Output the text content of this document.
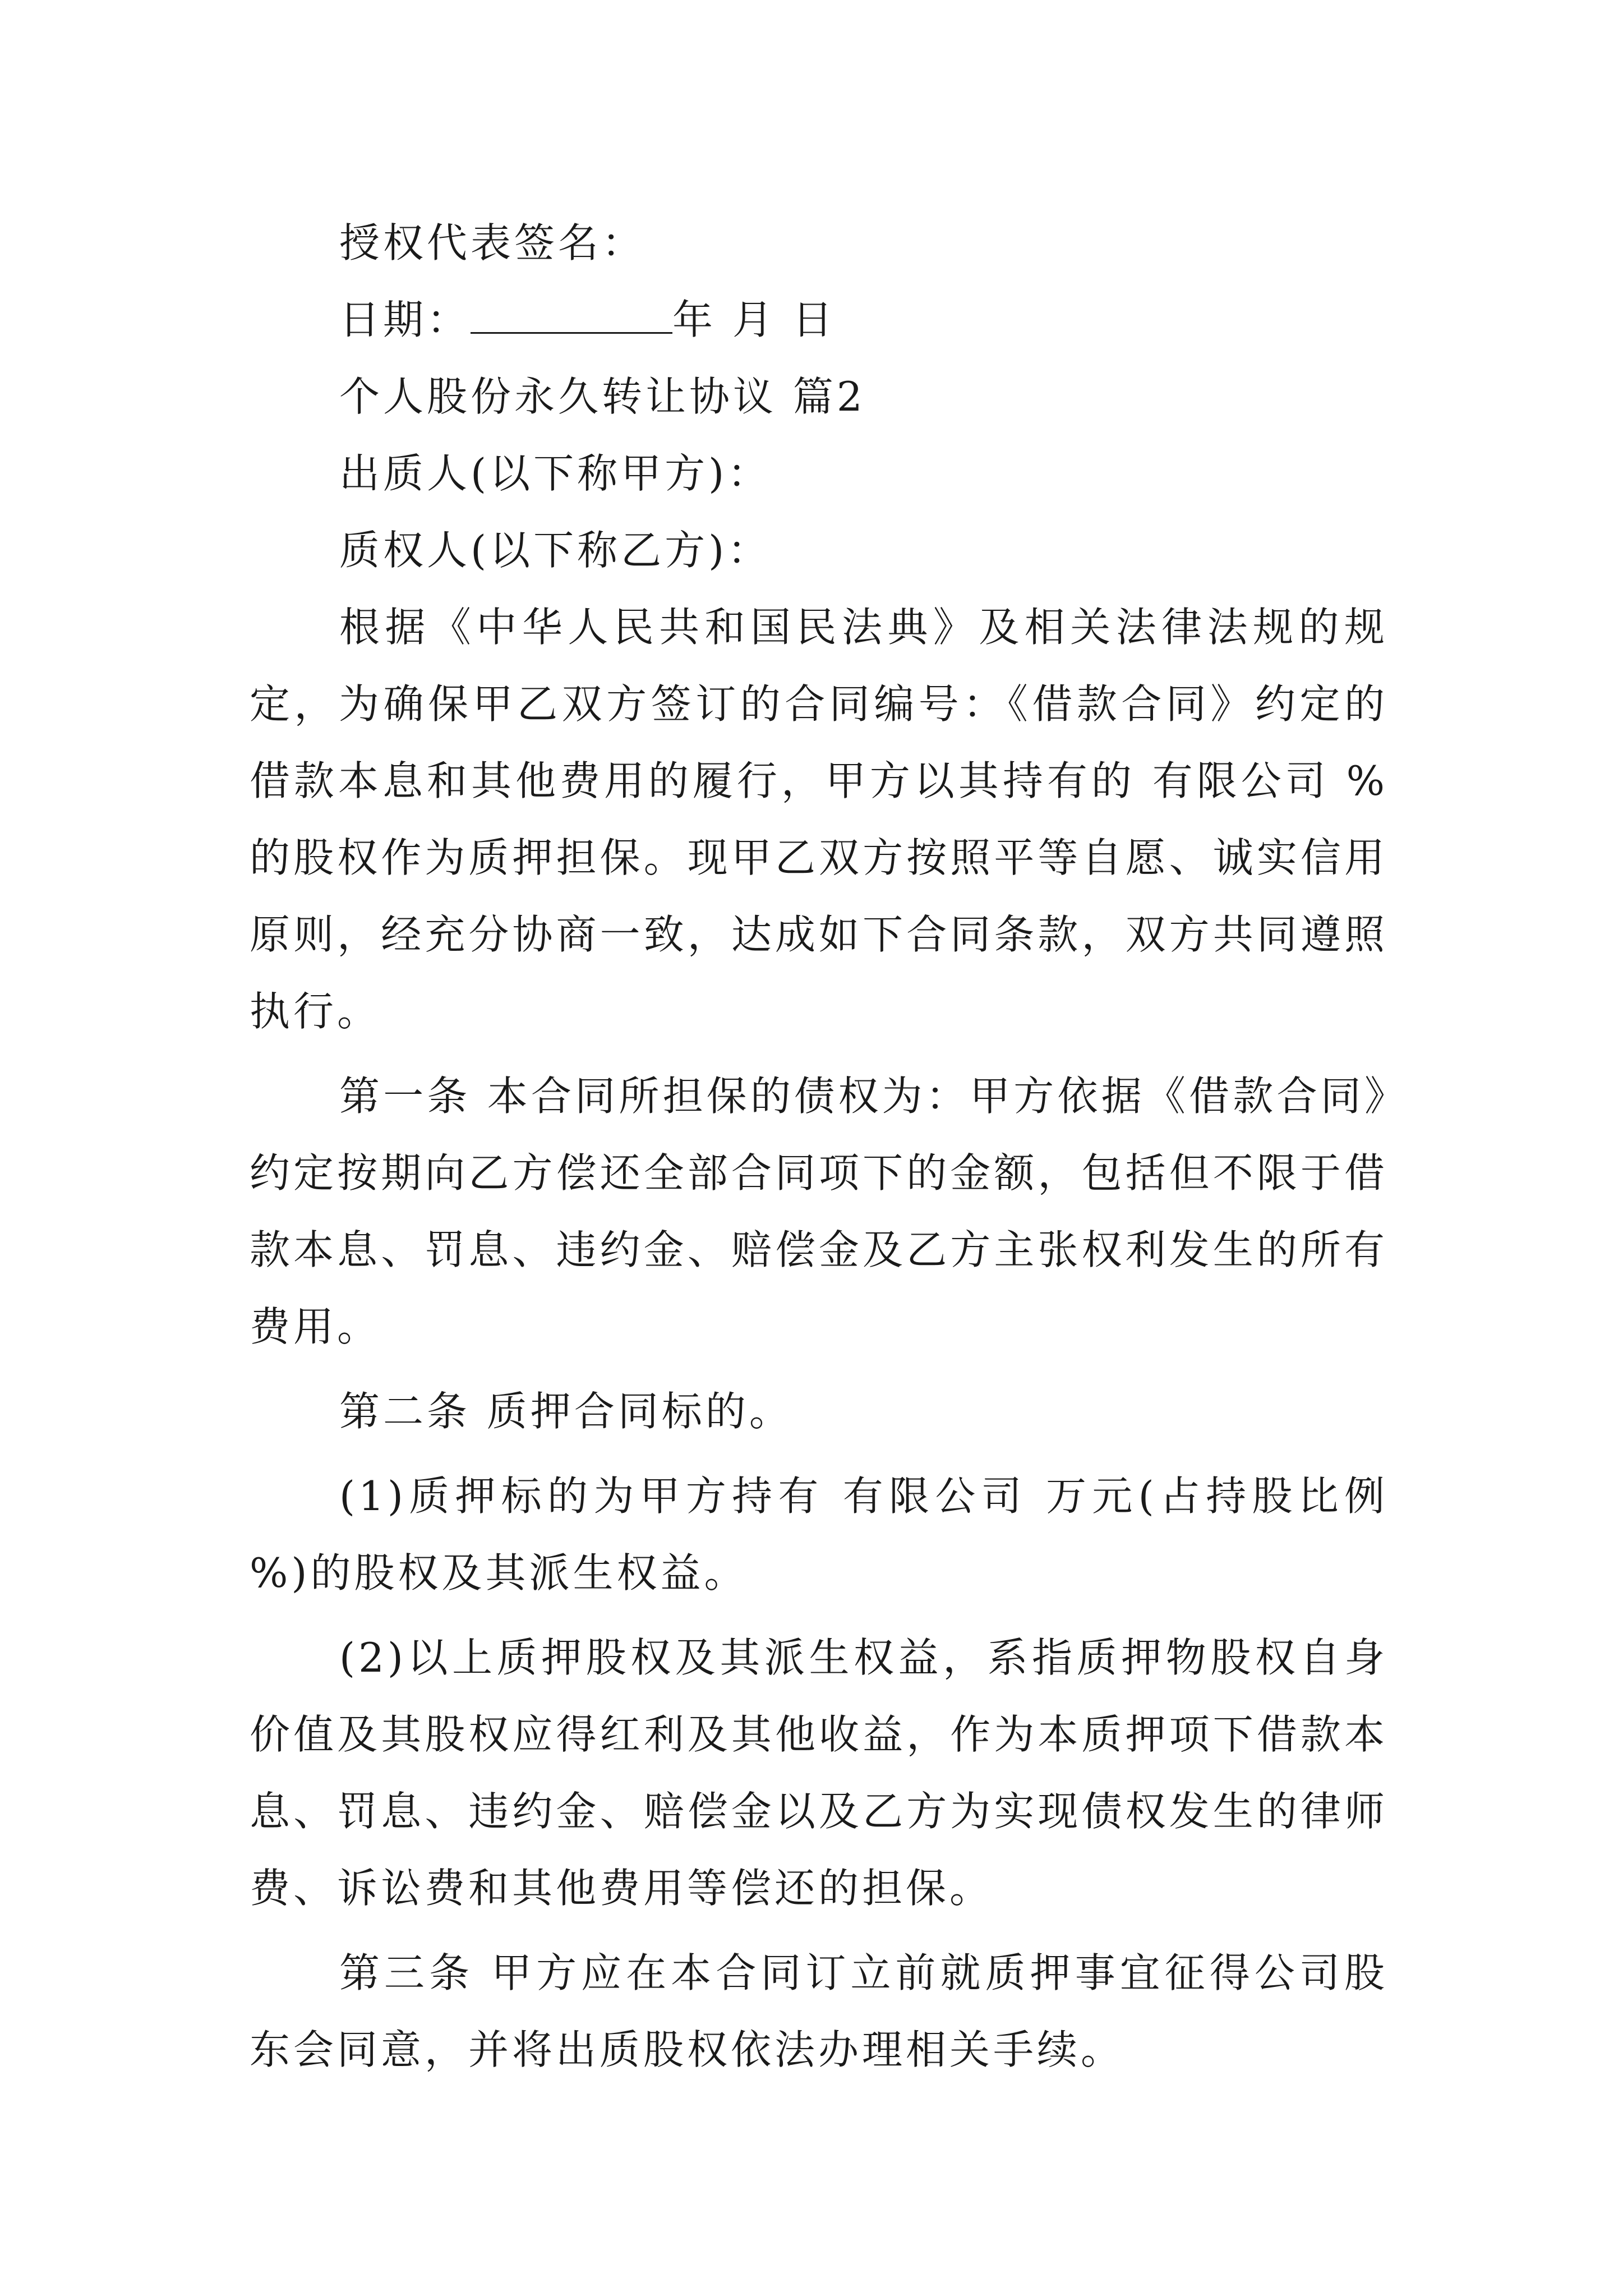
授权代表签名：
日期：	年 月 日
个人股份永久转让协议 篇2
出质人(以下称甲方)：
质权人(以下称乙方)：

根据《中华人民共和国民法典》及相关法律法规的规定，为确保甲乙双方签订的合同编号：《借款合同》约定的借款本息和其他费用的履行，甲方以其持有的 有限公司 %的股权作为质押担保。现甲乙双方按照平等自愿、诚实信用原则，经充分协商一致，达成如下合同条款，双方共同遵照执行。

第一条 本合同所担保的债权为：甲方依据《借款合同》约定按期向乙方偿还全部合同项下的金额，包括但不限于借款本息、罚息、违约金、赔偿金及乙方主张权利发生的所有费用。

第二条 质押合同标的。

(1)质押标的为甲方持有 有限公司 万元(占持股比例 %)的股权及其派生权益。

(2)以上质押股权及其派生权益，系指质押物股权自身价值及其股权应得红利及其他收益，作为本质押项下借款本息、罚息、违约金、赔偿金以及乙方为实现债权发生的律师费、诉讼费和其他费用等偿还的担保。

第三条 甲方应在本合同订立前就质押事宜征得公司股东会同意，并将出质股权依法办理相关手续。
